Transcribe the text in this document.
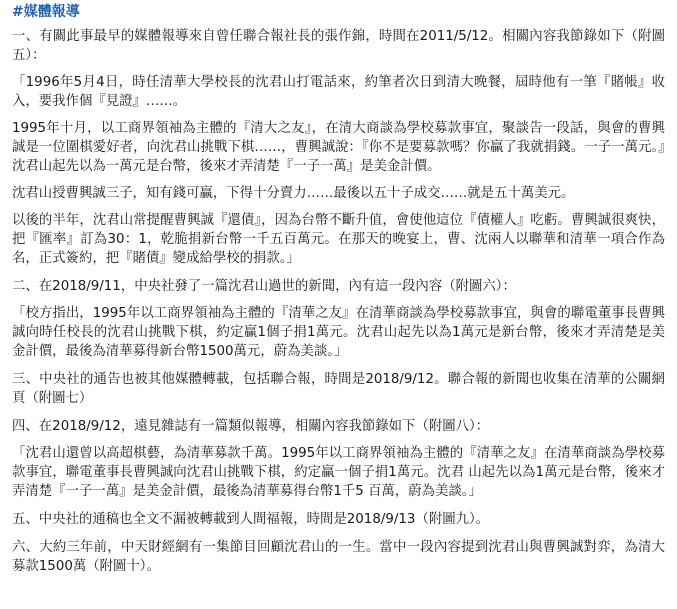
#媒體報導

一、有關此事最早的媒體報導來自曾任聯合報社長的張作錦，時間在2011/5/12。相關內容我節錄如下（附圖五）：

「1996年5月4日，時任清華大學校長的沈君山打電話來，約筆者次日到清大晚餐，屆時他有一筆『賭帳』收入，要我作個『見證』……。

1995年十月，以工商界領袖為主體的『清大之友』，在清大商談為學校募款事宜，聚談告一段話，與會的曹興誠是一位圍棋愛好者，向沈君山挑戰下棋……，曹興誠說：『你不是要募款嗎？你贏了我就捐錢。一子一萬元。』沈君山起先以為一萬元是台幣，後來才弄清楚『一子一萬』是美金計價。

沈君山授曹興誠三子，知有錢可贏，下得十分賣力……最後以五十子成交……就是五十萬美元。

以後的半年，沈君山常提醒曹興誠『還債』，因為台幣不斷升值，會使他這位『債權人』吃虧。曹興誠很爽快，把『匯率』訂為30：1，乾脆捐新台幣一千五百萬元。在那天的晚宴上，曹、沈兩人以聯華和清華一項合作為名，正式簽約，把『賭債』變成給學校的捐款。」

二、在2018/9/11，中央社發了一篇沈君山過世的新聞，內有這一段內容（附圖六）：

「校方指出，1995年以工商界領袖為主體的『清華之友』在清華商談為學校募款事宜，與會的聯電董事長曹興誠向時任校長的沈君山挑戰下棋，約定贏1個子捐1萬元。沈君山起先以為1萬元是新台幣，後來才弄清楚是美金計價，最後為清華募得新台幣1500萬元，蔚為美談。」

三、中央社的通告也被其他媒體轉載，包括聯合報，時間是2018/9/12。聯合報的新聞也收集在清華的公關網頁（附圖七）

四、在2018/9/12，遠見雜誌有一篇類似報導，相關內容我節錄如下（附圖八）：

「沈君山還曾以高超棋藝，為清華募款千萬。1995年以工商界領袖為主體的『清華之友』在清華商談為學校募款事宜，聯電董事長曹興誠向沈君山挑戰下棋，約定贏一個子捐1萬元。沈君 山起先以為1萬元是台幣，後來才弄清楚『一子一萬』是美金計價，最後為清華募得台幣1千5 百萬，蔚為美談。」

五、中央社的通稿也全文不漏被轉載到人間福報，時間是2018/9/13（附圖九）。

六、大約三年前，中天財經網有一集節目回顧沈君山的一生。當中一段內容提到沈君山與曹興誠對弈，為清大募款1500萬（附圖十）。
